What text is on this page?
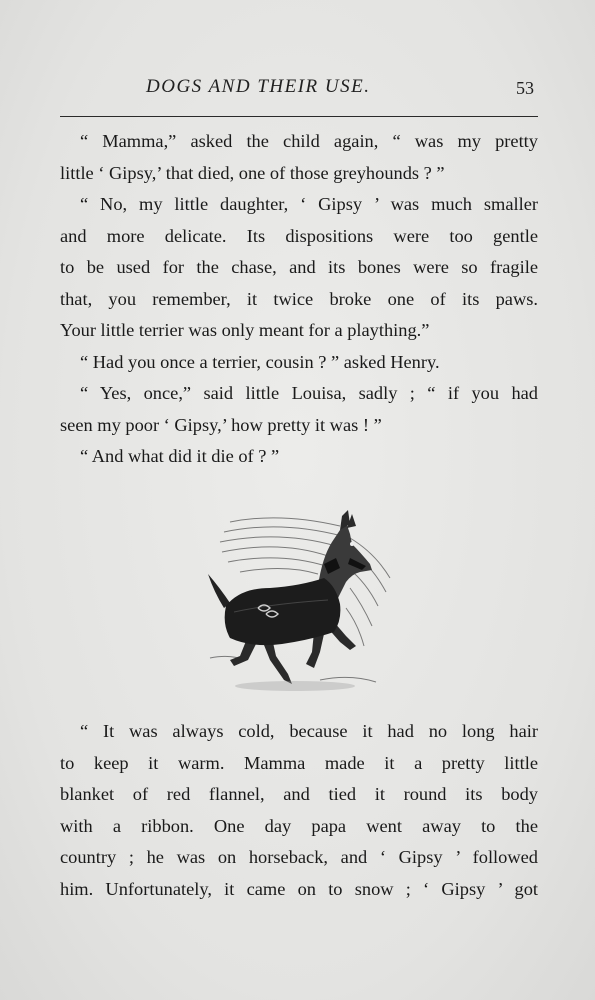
DOGS AND THEIR USE.	53
“ Mamma,” asked the child again, “ was my pretty
little ‘ Gipsy,’ that died, one of those greyhounds ? ”
“ No, my little daughter, ‘ Gipsy ’ was much smaller
and more delicate. Its dispositions were too gentle
to be used for the chase, and its bones were so fragile
that, you remember, it twice broke one of its paws.
Your little terrier was only meant for a plaything.”
“ Had you once a terrier, cousin ? ” asked Henry.
“ Yes, once,” said little Louisa, sadly ; “ if you had
seen my poor ‘ Gipsy,’ how pretty it was ! ”
“ And what did it die of ? ”
“ It was always cold, because it had no long hair
to keep it warm. Mamma made it a pretty little
blanket of red flannel, and tied it round its body
with a ribbon. One day papa went away to the
country ; he was on horseback, and ‘ Gipsy ’ followed
him. Unfortunately, it came on to snow ; ‘ Gipsy ’ got
